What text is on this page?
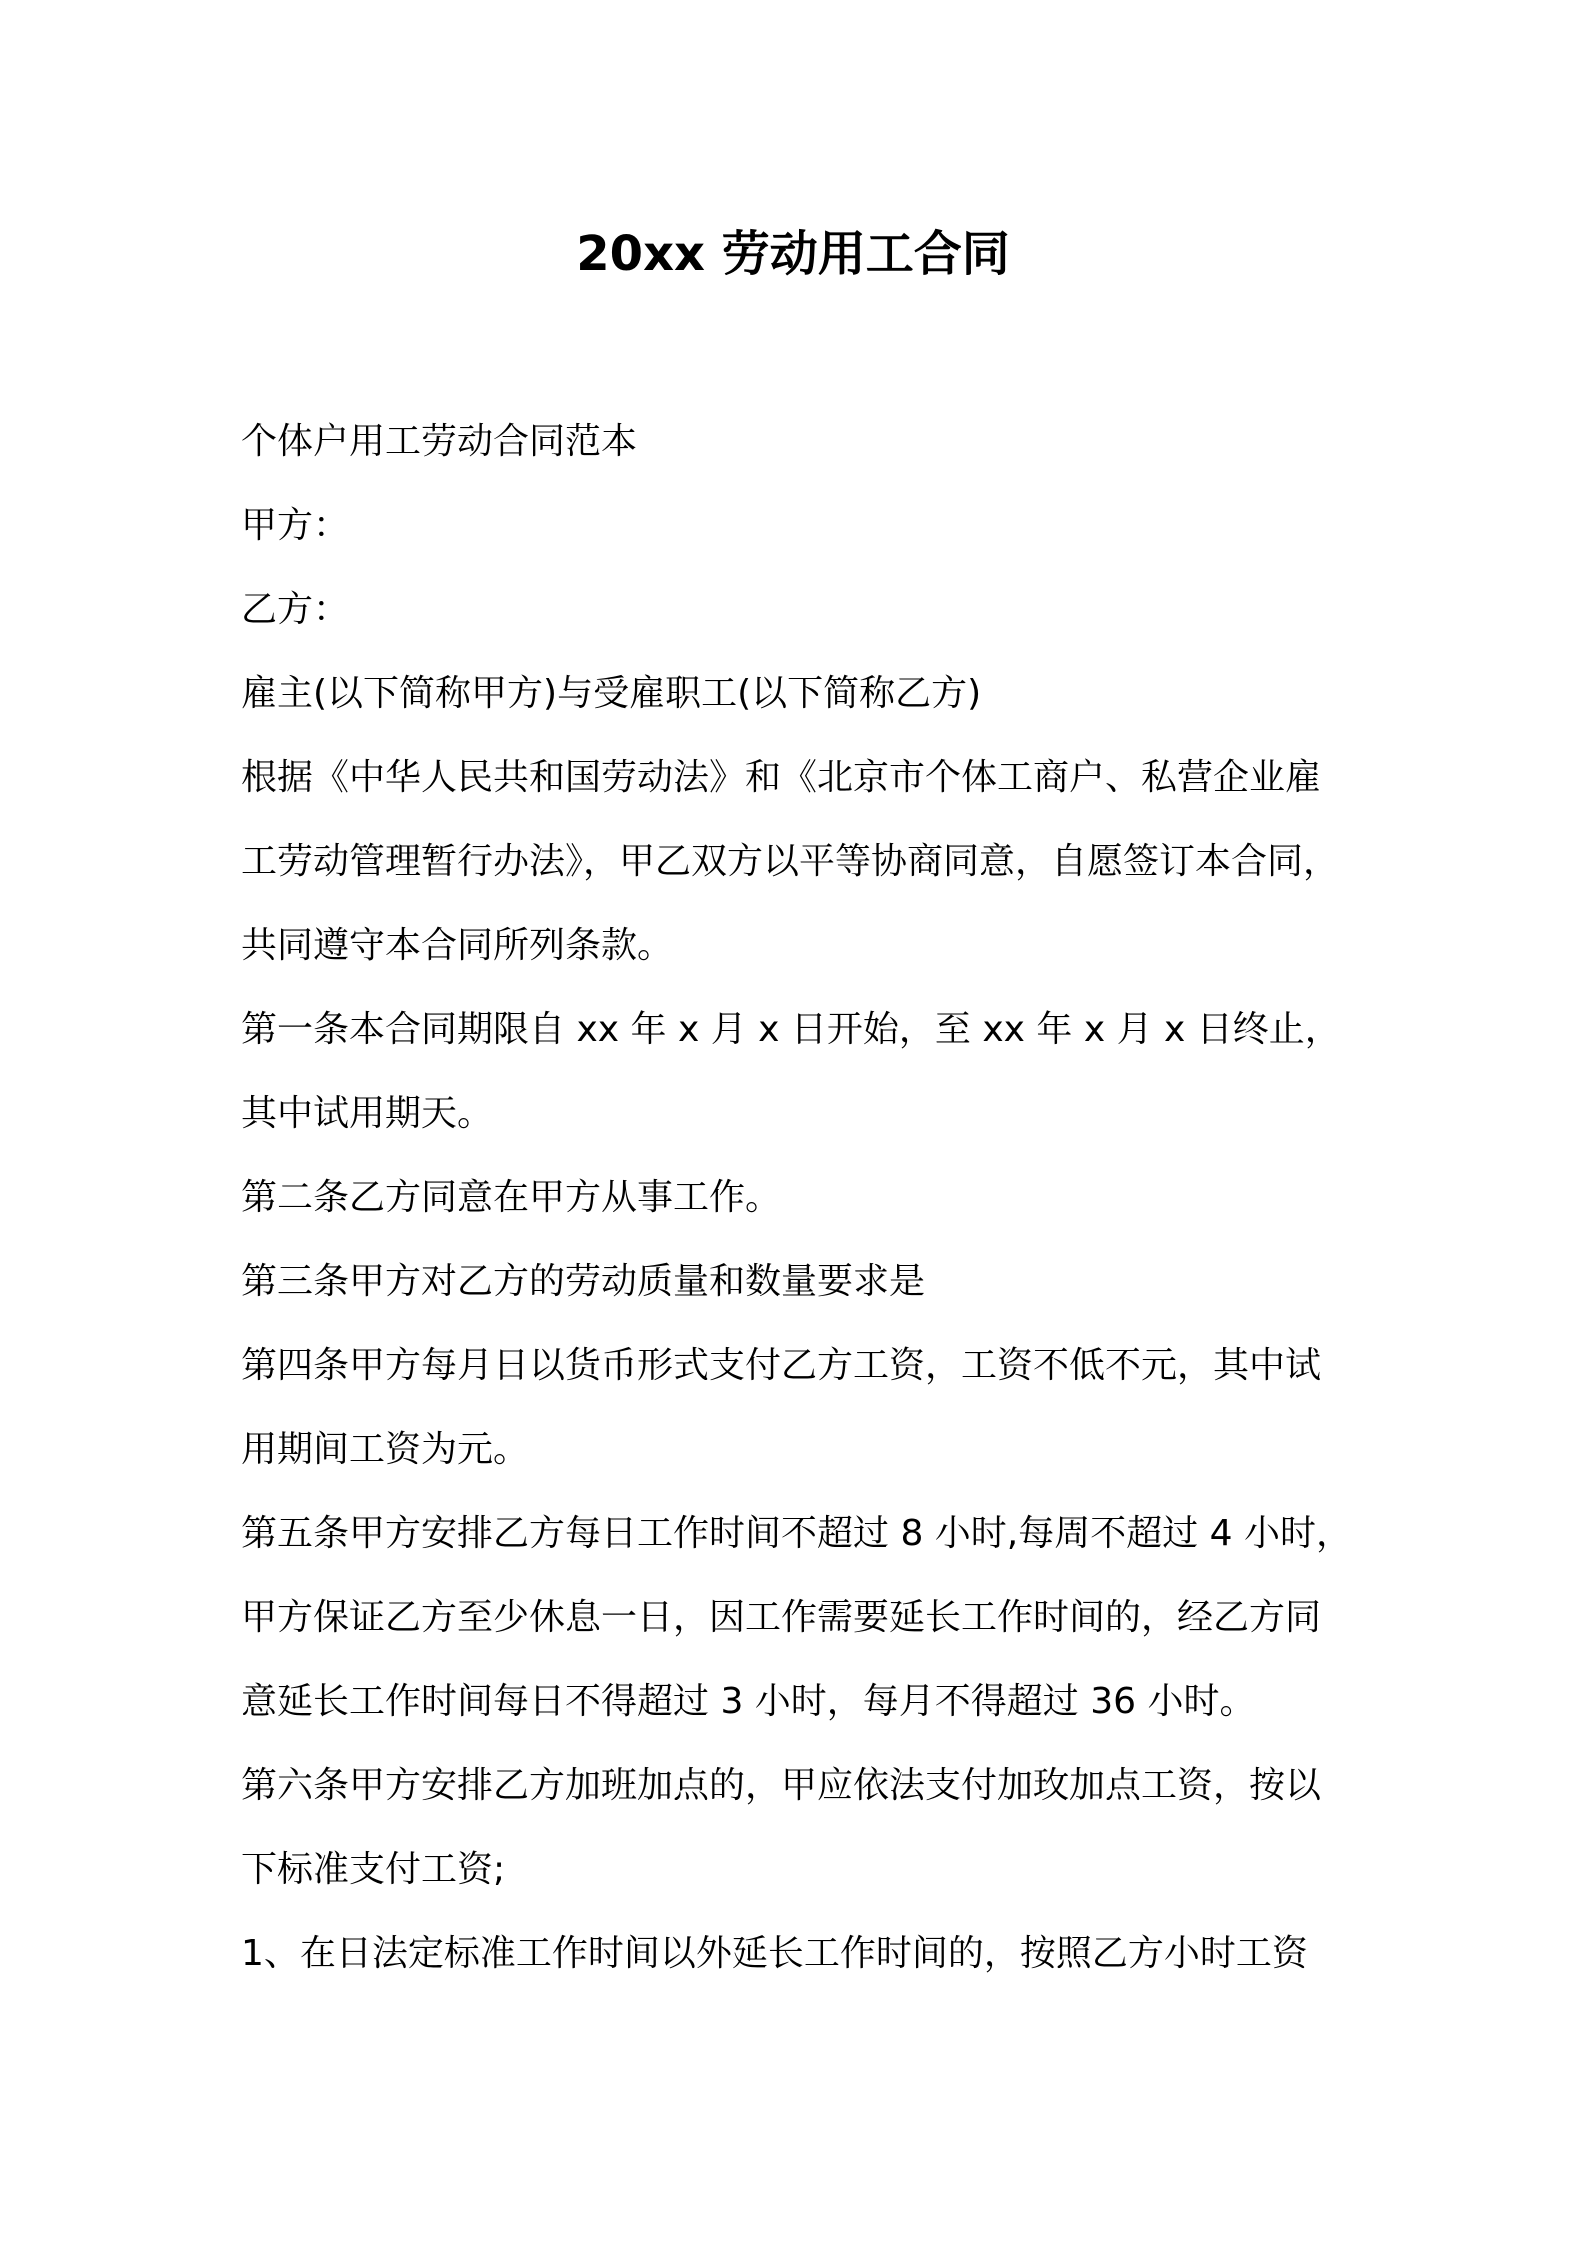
20xx 劳动用工合同
个体户用工劳动合同范本
甲方：
乙方：
雇主(以下简称甲方)与受雇职工(以下简称乙方)
根据《中华人民共和国劳动法》和《北京市个体工商户、私营企业雇
工劳动管理暂行办法》，甲乙双方以平等协商同意，自愿签订本合同，
共同遵守本合同所列条款。
第一条本合同期限自 xx 年 x 月 x 日开始，至 xx 年 x 月 x 日终止，
其中试用期天。
第二条乙方同意在甲方从事工作。
第三条甲方对乙方的劳动质量和数量要求是
第四条甲方每月日以货币形式支付乙方工资，工资不低不元，其中试
用期间工资为元。
第五条甲方安排乙方每日工作时间不超过 8 小时,每周不超过 4 小时，
甲方保证乙方至少休息一日，因工作需要延长工作时间的，经乙方同
意延长工作时间每日不得超过 3 小时，每月不得超过 36 小时。
第六条甲方安排乙方加班加点的，甲应依法支付加玫加点工资，按以
下标准支付工资;
1、在日法定标准工作时间以外延长工作时间的，按照乙方小时工资
